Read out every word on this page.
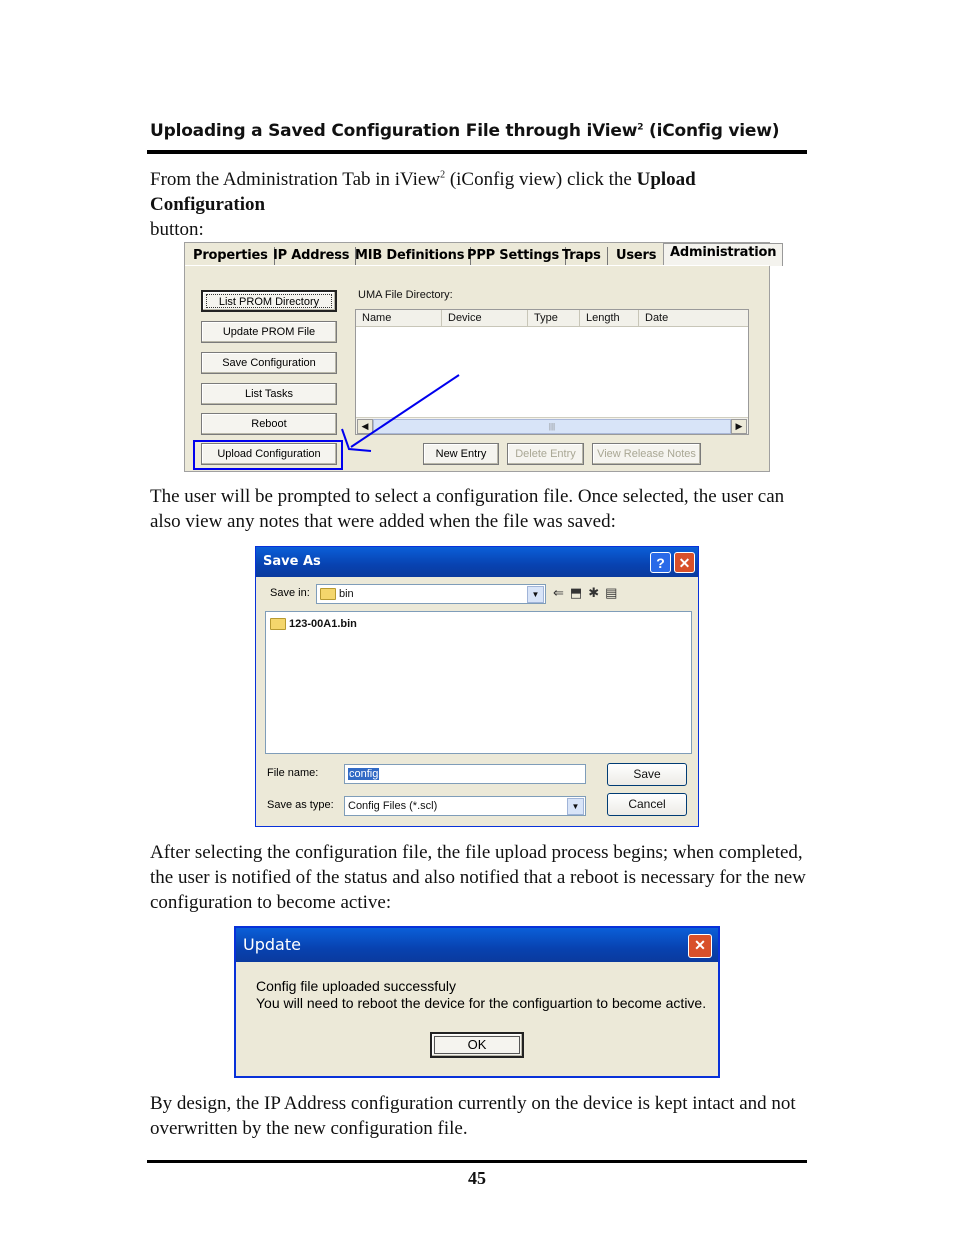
Uploading a Saved Configuration File through iView$^2$ (iConfig view)
From the Administration Tab in iView$^2$ (iConfig view) click the Upload Configuration
button:
Properties IP Address MIB Definitions PPP Settings Traps	Users	Administration
List PROM Directory
Update PROM File
Save Configuration
List Tasks
Reboot
Upload Configuration
UMA File Directory:
Name	Device	Type	Length	Date
◀	|||	▶
New Entry	Delete Entry	View Release Notes
The user will be prompted to select a configuration file. Once selected, the user can also view any notes that were added when the file was saved:
Save As	? ✕
Save in:	bin	▼	⇐⬒✱▤
123-00A1.bin
File name:	config
Save as type:	Config Files (*.scl)	▼
Save
Cancel
After selecting the configuration file, the file upload process begins; when completed, the user is notified of the status and also notified that a reboot is necessary for the new configuration to become active:
Update	✕
Config file uploaded successfuly
You will need to reboot the device for the configuartion to become active.
OK
By design, the IP Address configuration currently on the device is kept intact and not overwritten by the new configuration file.
45
